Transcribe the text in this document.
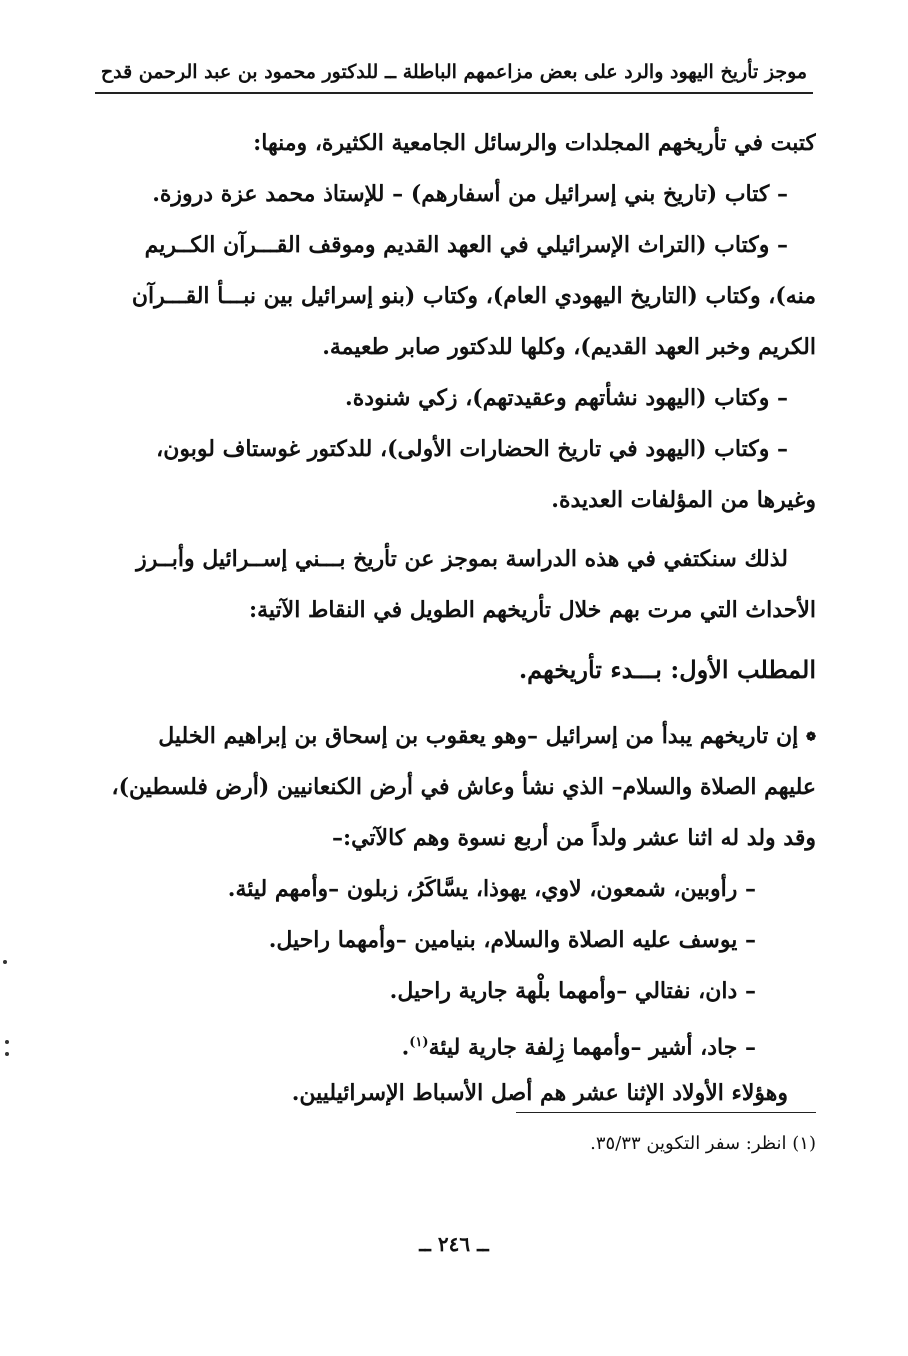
موجز تأريخ اليهود والرد على بعض مزاعمهم الباطلة ــ للدكتور محمود بن عبد الرحمن قدح
كتبت في تأريخهم المجلدات والرسائل الجامعية الكثيرة، ومنها:
– كتاب (تاريخ بني إسرائيل من أسفارهم) – للإستاذ محمد عزة دروزة.
– وكتاب (التراث الإسرائيلي في العهد القديم وموقف القـــرآن الكــريم
منه)، وكتاب (التاريخ اليهودي العام)، وكتاب (بنو إسرائيل بين نبـــأ القـــرآن
الكريم وخبر العهد القديم)، وكلها للدكتور صابر طعيمة.
– وكتاب (اليهود نشأتهم وعقيدتهم)، زكي شنودة.
– وكتاب (اليهود في تاريخ الحضارات الأولى)، للدكتور غوستاف لوبون،
وغيرها من المؤلفات العديدة.
لذلك سنكتفي في هذه الدراسة بموجز عن تأريخ بـــني إســرائيل وأبــرز
الأحداث التي مرت بهم خلال تأريخهم الطويل في النقاط الآتية:
المطلب الأول: بـــدء تأريخهم.
❁ إن تاريخهم يبدأ من إسرائيل –وهو يعقوب بن إسحاق بن إبراهيم الخليل
عليهم الصلاة والسلام– الذي نشأ وعاش في أرض الكنعانيين (أرض فلسطين)،
وقد ولد له اثنا عشر ولداً من أربع نسوة وهم كالآتي:–
– رأوبين، شمعون، لاوي، يهوذا، يسَّاكَرُ، زبلون –وأمهم ليئة.
– يوسف عليه الصلاة والسلام، بنيامين –وأمهما راحيل.
– دان، نفتالي –وأمهما بلْهة جارية راحيل.
– جاد، أشير –وأمهما زِلفة جارية ليئة$^{(١)}$.
وهؤلاء الأولاد الإثنا عشر هم أصل الأسباط الإسرائيليين.
(١) انظر: سفر التكوين ٣٥/٣٣.
ــ ٢٤٦ ــ
